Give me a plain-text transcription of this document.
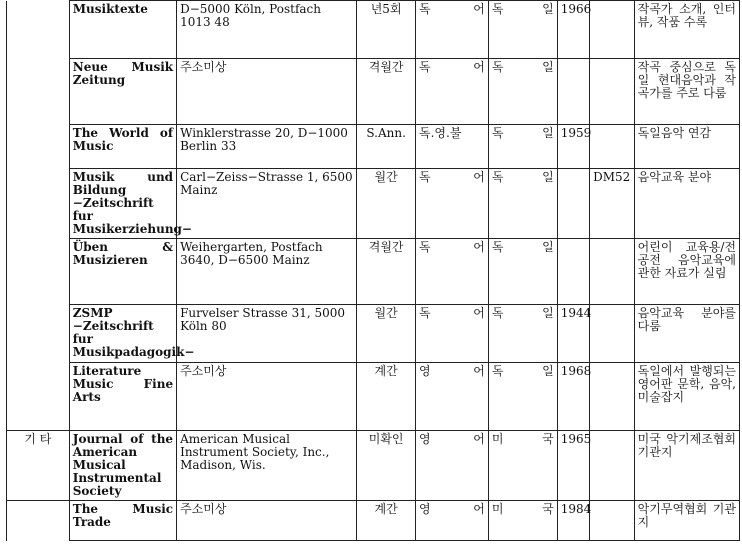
	Musiktexte	D−5000 Köln, Postfach 1013 48	년5회	독 어	독 일	1966		작곡가 소개, 인터뷰, 작품 수록
	Neue Musik Zeitung	주소미상	격월간	독 어	독 일			작곡 중심으로 독일 현대음악과 작곡가를 주로 다룸
	The World of Music	Winklerstrasse 20, D−1000 Berlin 33	S.Ann.	독.영.불	독 일	1959		독일음악 연감
	Musik und Bildung −Zeitschrift fur Musikerziehung−	Carl−Zeiss−Strasse 1, 6500 Mainz	월간	독 어	독 일		DM52	음악교육 분야
	Üben & Musizieren	Weihergarten, Postfach 3640, D−6500 Mainz	격월간	독 어	독 일			어린이 교육용/전공전 음악교육에 관한 자료가 실림
	ZSMP −Zeitschrift fur Musikpadagogik−	Furvelser Strasse 31, 5000 Köln 80	월간	독 어	독 일	1944		음악교육 분야를 다룸
	Literature Music Fine Arts	주소미상	계간	영 어	독 일	1968		독일에서 발행되는 영어판 문학, 음악, 미술잡지
기 타	Journal of the American Musical Instrumental Society	American Musical Instrument Society, Inc., Madison, Wis.	미확인	영 어	미 국	1965		미국 악기제조협회 기관지
	The Music Trade	주소미상	계간	영 어	미 국	1984		악기무역협회 기관지
